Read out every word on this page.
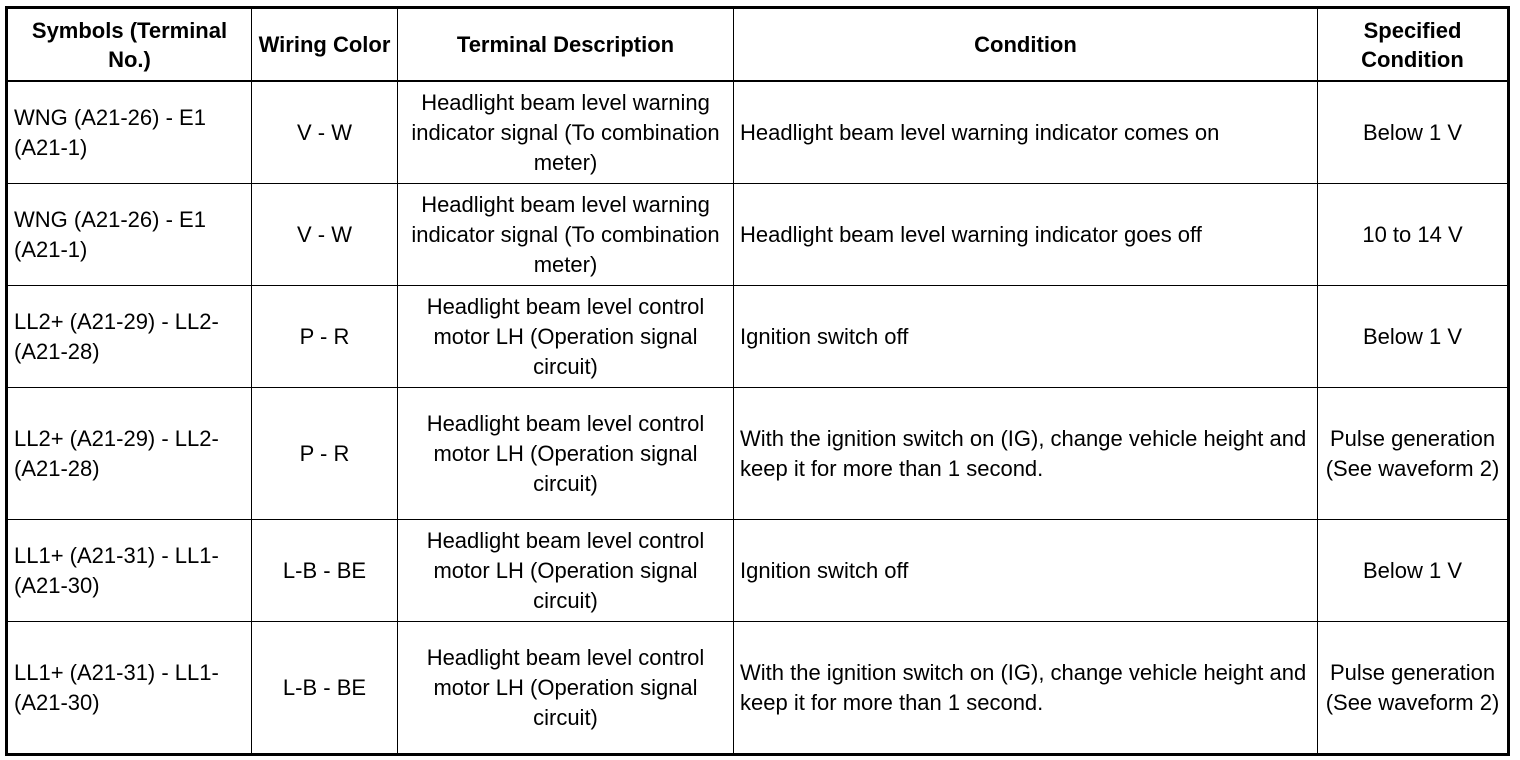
Symbols (Terminal No.)	Wiring Color	Terminal Description	Condition	Specified Condition
WNG (A21-26) - E1 (A21-1)	V - W	Headlight beam level warning indicator signal (To combination meter)	Headlight beam level warning indicator comes on	Below 1 V
WNG (A21-26) - E1 (A21-1)	V - W	Headlight beam level warning indicator signal (To combination meter)	Headlight beam level warning indicator goes off	10 to 14 V
LL2+ (A21-29) - LL2- (A21-28)	P - R	Headlight beam level control motor LH (Operation signal circuit)	Ignition switch off	Below 1 V
LL2+ (A21-29) - LL2- (A21-28)	P - R	Headlight beam level control motor LH (Operation signal circuit)	With the ignition switch on (IG), change vehicle height and keep it for more than 1 second.	Pulse generation (See waveform 2)
LL1+ (A21-31) - LL1- (A21-30)	L-B - BE	Headlight beam level control motor LH (Operation signal circuit)	Ignition switch off	Below 1 V
LL1+ (A21-31) - LL1- (A21-30)	L-B - BE	Headlight beam level control motor LH (Operation signal circuit)	With the ignition switch on (IG), change vehicle height and keep it for more than 1 second.	Pulse generation (See waveform 2)
